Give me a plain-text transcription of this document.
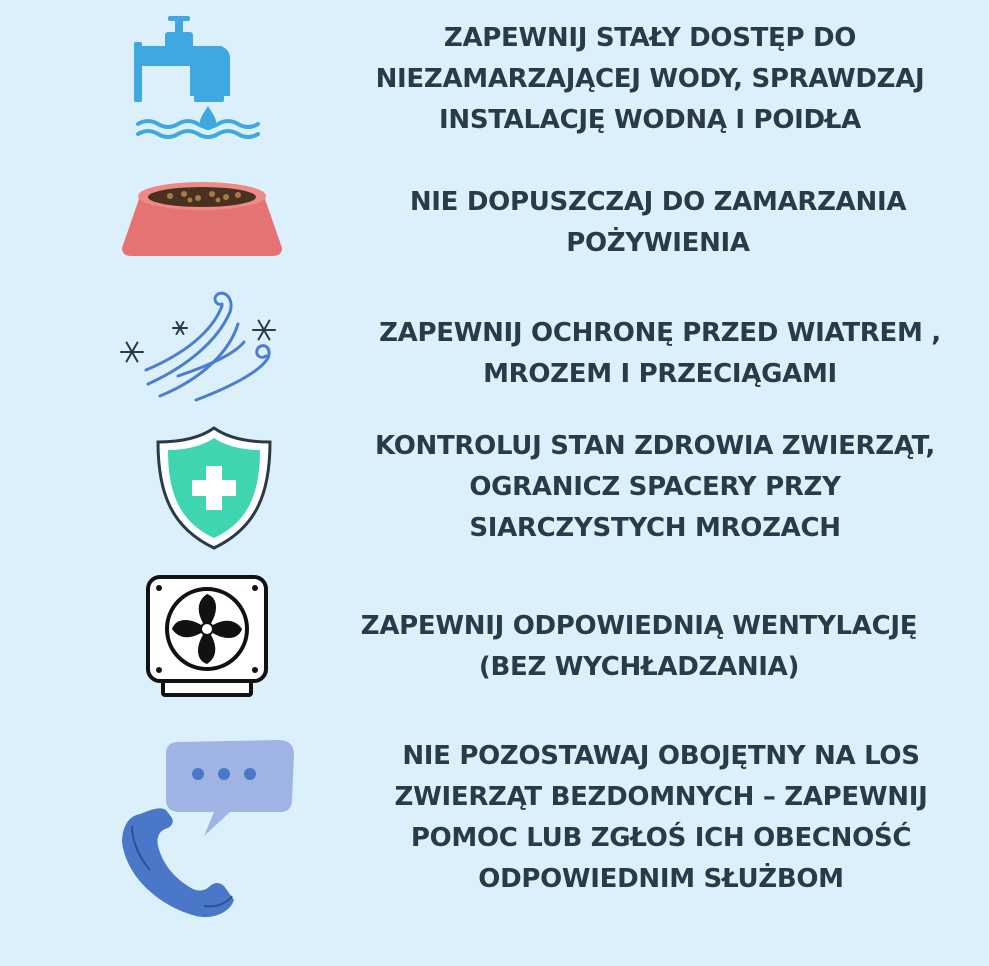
ZAPEWNIJ STAŁY DOSTĘP DO
NIEZAMARZAJĄCEJ WODY, SPRAWDZAJ
INSTALACJĘ WODNĄ I POIDŁA
NIE DOPUSZCZAJ DO ZAMARZANIA
POŻYWIENIA
ZAPEWNIJ OCHRONĘ PRZED WIATREM ,
MROZEM I PRZECIĄGAMI
KONTROLUJ STAN ZDROWIA ZWIERZĄT,
OGRANICZ SPACERY PRZY
SIARCZYSTYCH MROZACH
ZAPEWNIJ ODPOWIEDNIĄ WENTYLACJĘ
(BEZ WYCHŁADZANIA)
NIE POZOSTAWAJ OBOJĘTNY NA LOS
ZWIERZĄT BEZDOMNYCH – ZAPEWNIJ
POMOC LUB ZGŁOŚ ICH OBECNOŚĆ
ODPOWIEDNIM SŁUŻBOM
